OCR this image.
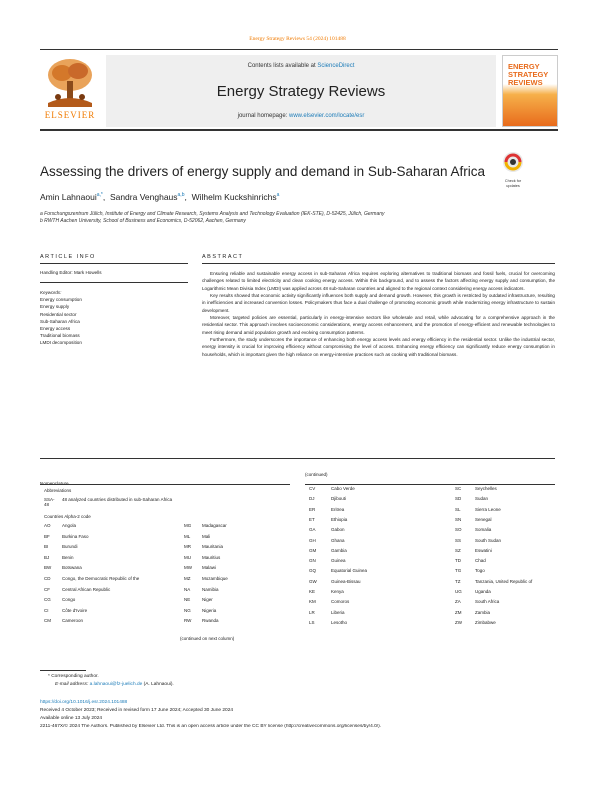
Energy Strategy Reviews 54 (2024) 101488
ELSEVIER
Contents lists available at ScienceDirect
Energy Strategy Reviews
journal homepage: www.elsevier.com/locate/esr
ENERGY
STRATEGY
REVIEWS
Assessing the drivers of energy supply and demand in Sub-Saharan Africa
Check for
updates
Amin Lahnaoui$^{a,*}$,  Sandra Venghaus$^{a,b}$,  Wilhelm Kuckshinrichs$^a$
a Forschungszentrum Jülich, Institute of Energy and Climate Research, Systems Analysis and Technology Evaluation (IEK-STE), D-52425, Jülich, Germany
b RWTH Aachen University, School of Business and Economics, D-52062, Aachen, Germany
ARTICLE INFO	ABSTRACT
Handling Editor: Mark Howells
Keywords:
Energy consumption
Energy supply
Residential sector
Sub-Saharan Africa
Energy access
Traditional biomass
LMDI decomposition

Ensuring reliable and sustainable energy access in sub-Saharan Africa requires exploring alternatives to traditional biomass and fossil fuels, crucial for overcoming challenges related to limited electricity and clean cooking energy access. Within this background, and to assess the factors affecting energy supply and consumption, the Logarithmic Mean Divisia Index (LMDI) was applied across 48 sub-Saharan countries and aligned to the regional context considering energy access indicators.

Key results showed that economic activity significantly influences both supply and demand growth. However, this growth is restricted by outdated infrastructure, resulting in inefficiencies and increased conversion losses. Policymakers thus face a dual challenge of promoting economic growth while modernizing energy infrastructure to sustain development.

Moreover, targeted policies are essential, particularly in energy-intensive sectors like wholesale and retail, while advocating for a comprehensive approach in the residential sector. This approach involves socioeconomic considerations, energy access enhancement, and the promotion of energy-efficient and renewable technologies to meet rising demand amid population growth and evolving consumption patterns.

Furthermore, the study underscores the importance of enhancing both energy access levels and energy efficiency in the residential sector. Unlike the industrial sector, energy intensity is crucial for improving efficiency without compromising the level of access. Enhancing energy efficiency can significantly reduce energy consumption in households, which is important given the high reliance on energy-intensive practices such as cooking with traditional biomass.

Nomenclature
Abbreviations
SSA-48
48 analyzed countries distributed in sub-Saharan Africa
Countries Alpha-2 code
AO	Angola	MG Madagascar
BF	Burkina Faso	ML	Mali
BI	Burundi	MR Mauritania
BJ	Benin	MU Mauritius
BW Botswana	MW Malawi
CD	Congo, the Democratic Republic of the	MZ	Mozambique
CF	Central African Republic	NA	Namibia
CG	Congo	NE	Niger
CI	Côte d'Ivoire	NG	Nigeria
CM Cameroon	RW Rwanda
(continued on next column)
(continued)
CV	Cabo Verde	SC	Seychelles
DJ	Djibouti	SD	Sudan
ER	Eritrea	SL	Sierra Leone
ET	Ethiopia	SN	Senegal
GA	Gabon	SO	Somalia
GH	Ghana	SS	South Sudan
GM	Gambia	SZ	Eswatini
GN	Guinea	TD	Chad
GQ	Equatorial Guinea	TG	Togo
GW	Guinea-Bissau	TZ	Tanzania, United Republic of
KE	Kenya	UG	Uganda
KM	Comoros	ZA	South Africa
LR	Liberia	ZM	Zambia
LS	Lesotho	ZW	Zimbabwe
* Corresponding author.
E-mail address: a.lahnaoui@fz-juelich.de (A. Lahnaoui).
https://doi.org/10.1016/j.esr.2024.101488
Received 4 October 2023; Received in revised form 17 June 2024; Accepted 30 June 2024
Available online 13 July 2024
2211-467X/© 2024 The Authors. Published by Elsevier Ltd. This is an open access article under the CC BY license (http://creativecommons.org/licenses/by/4.0/).
